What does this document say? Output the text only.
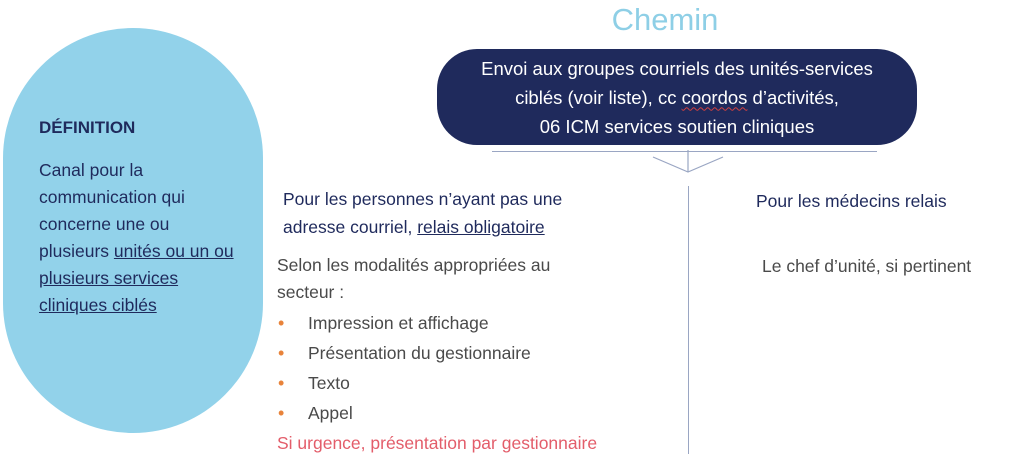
Chemin
Envoi aux groupes courriels des unités-services
ciblés (voir liste), cc coordos d’activités,
06 ICM services soutien cliniques
DÉFINITION
Canal pour la communication qui concerne une ou plusieurs unités ou un ou plusieurs services cliniques ciblés
Pour les personnes n’ayant pas une adresse courriel, relais obligatoire
Selon les modalités appropriées au secteur :
• Impression et affichage
• Présentation du gestionnaire
• Texto
• Appel
Si urgence, présentation par gestionnaire
Pour les médecins relais
Le chef d’unité, si pertinent
